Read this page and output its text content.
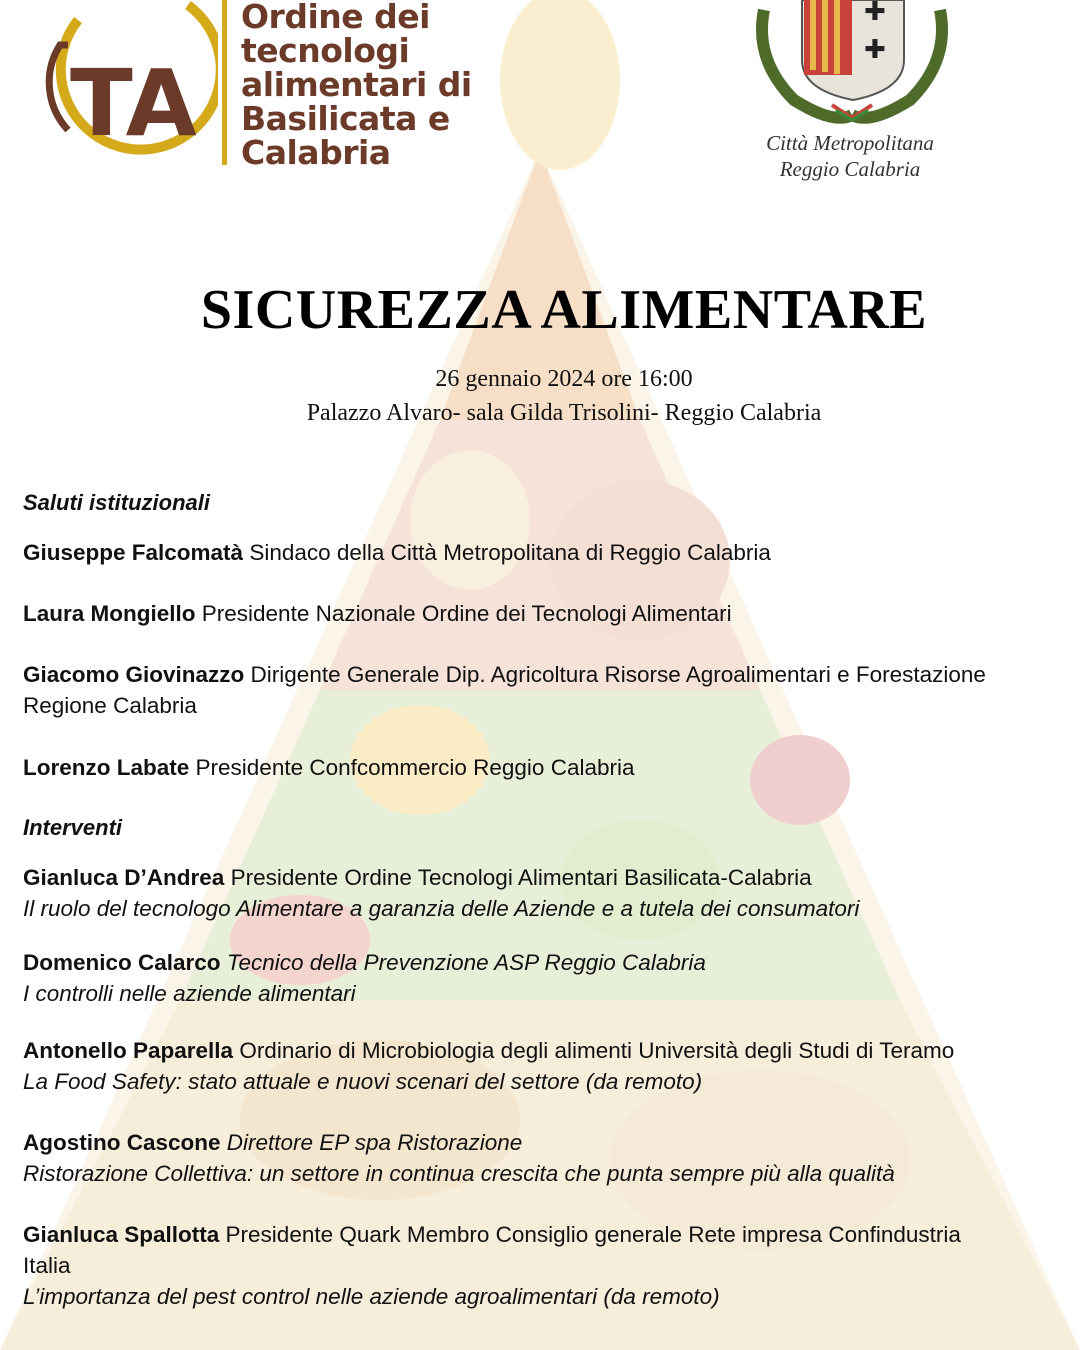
TA
Ordine dei
tecnologi
alimentari di
Basilicata e
Calabria
✚
✚
Città Metropolitana
Reggio Calabria
SICUREZZA ALIMENTARE
26 gennaio 2024 ore 16:00
Palazzo Alvaro- sala Gilda Trisolini- Reggio Calabria
Saluti istituzionali
Giuseppe Falcomatà Sindaco della Città Metropolitana di Reggio Calabria
Laura Mongiello Presidente Nazionale Ordine dei Tecnologi Alimentari
Giacomo Giovinazzo Dirigente Generale Dip. Agricoltura Risorse Agroalimentari e Forestazione
Regione Calabria
Lorenzo Labate Presidente Confcommercio Reggio Calabria
Interventi
Gianluca D’Andrea Presidente Ordine Tecnologi Alimentari Basilicata-Calabria
Il ruolo del tecnologo Alimentare a garanzia delle Aziende e a tutela dei consumatori
Domenico Calarco Tecnico della Prevenzione ASP Reggio Calabria
I controlli nelle aziende alimentari
Antonello Paparella Ordinario di Microbiologia degli alimenti Università degli Studi di Teramo
La Food Safety: stato attuale e nuovi scenari del settore (da remoto)
Agostino Cascone Direttore EP spa Ristorazione
Ristorazione Collettiva: un settore in continua crescita che punta sempre più alla qualità
Gianluca Spallotta Presidente Quark Membro Consiglio generale Rete impresa Confindustria
Italia
L’importanza del pest control nelle aziende agroalimentari (da remoto)
